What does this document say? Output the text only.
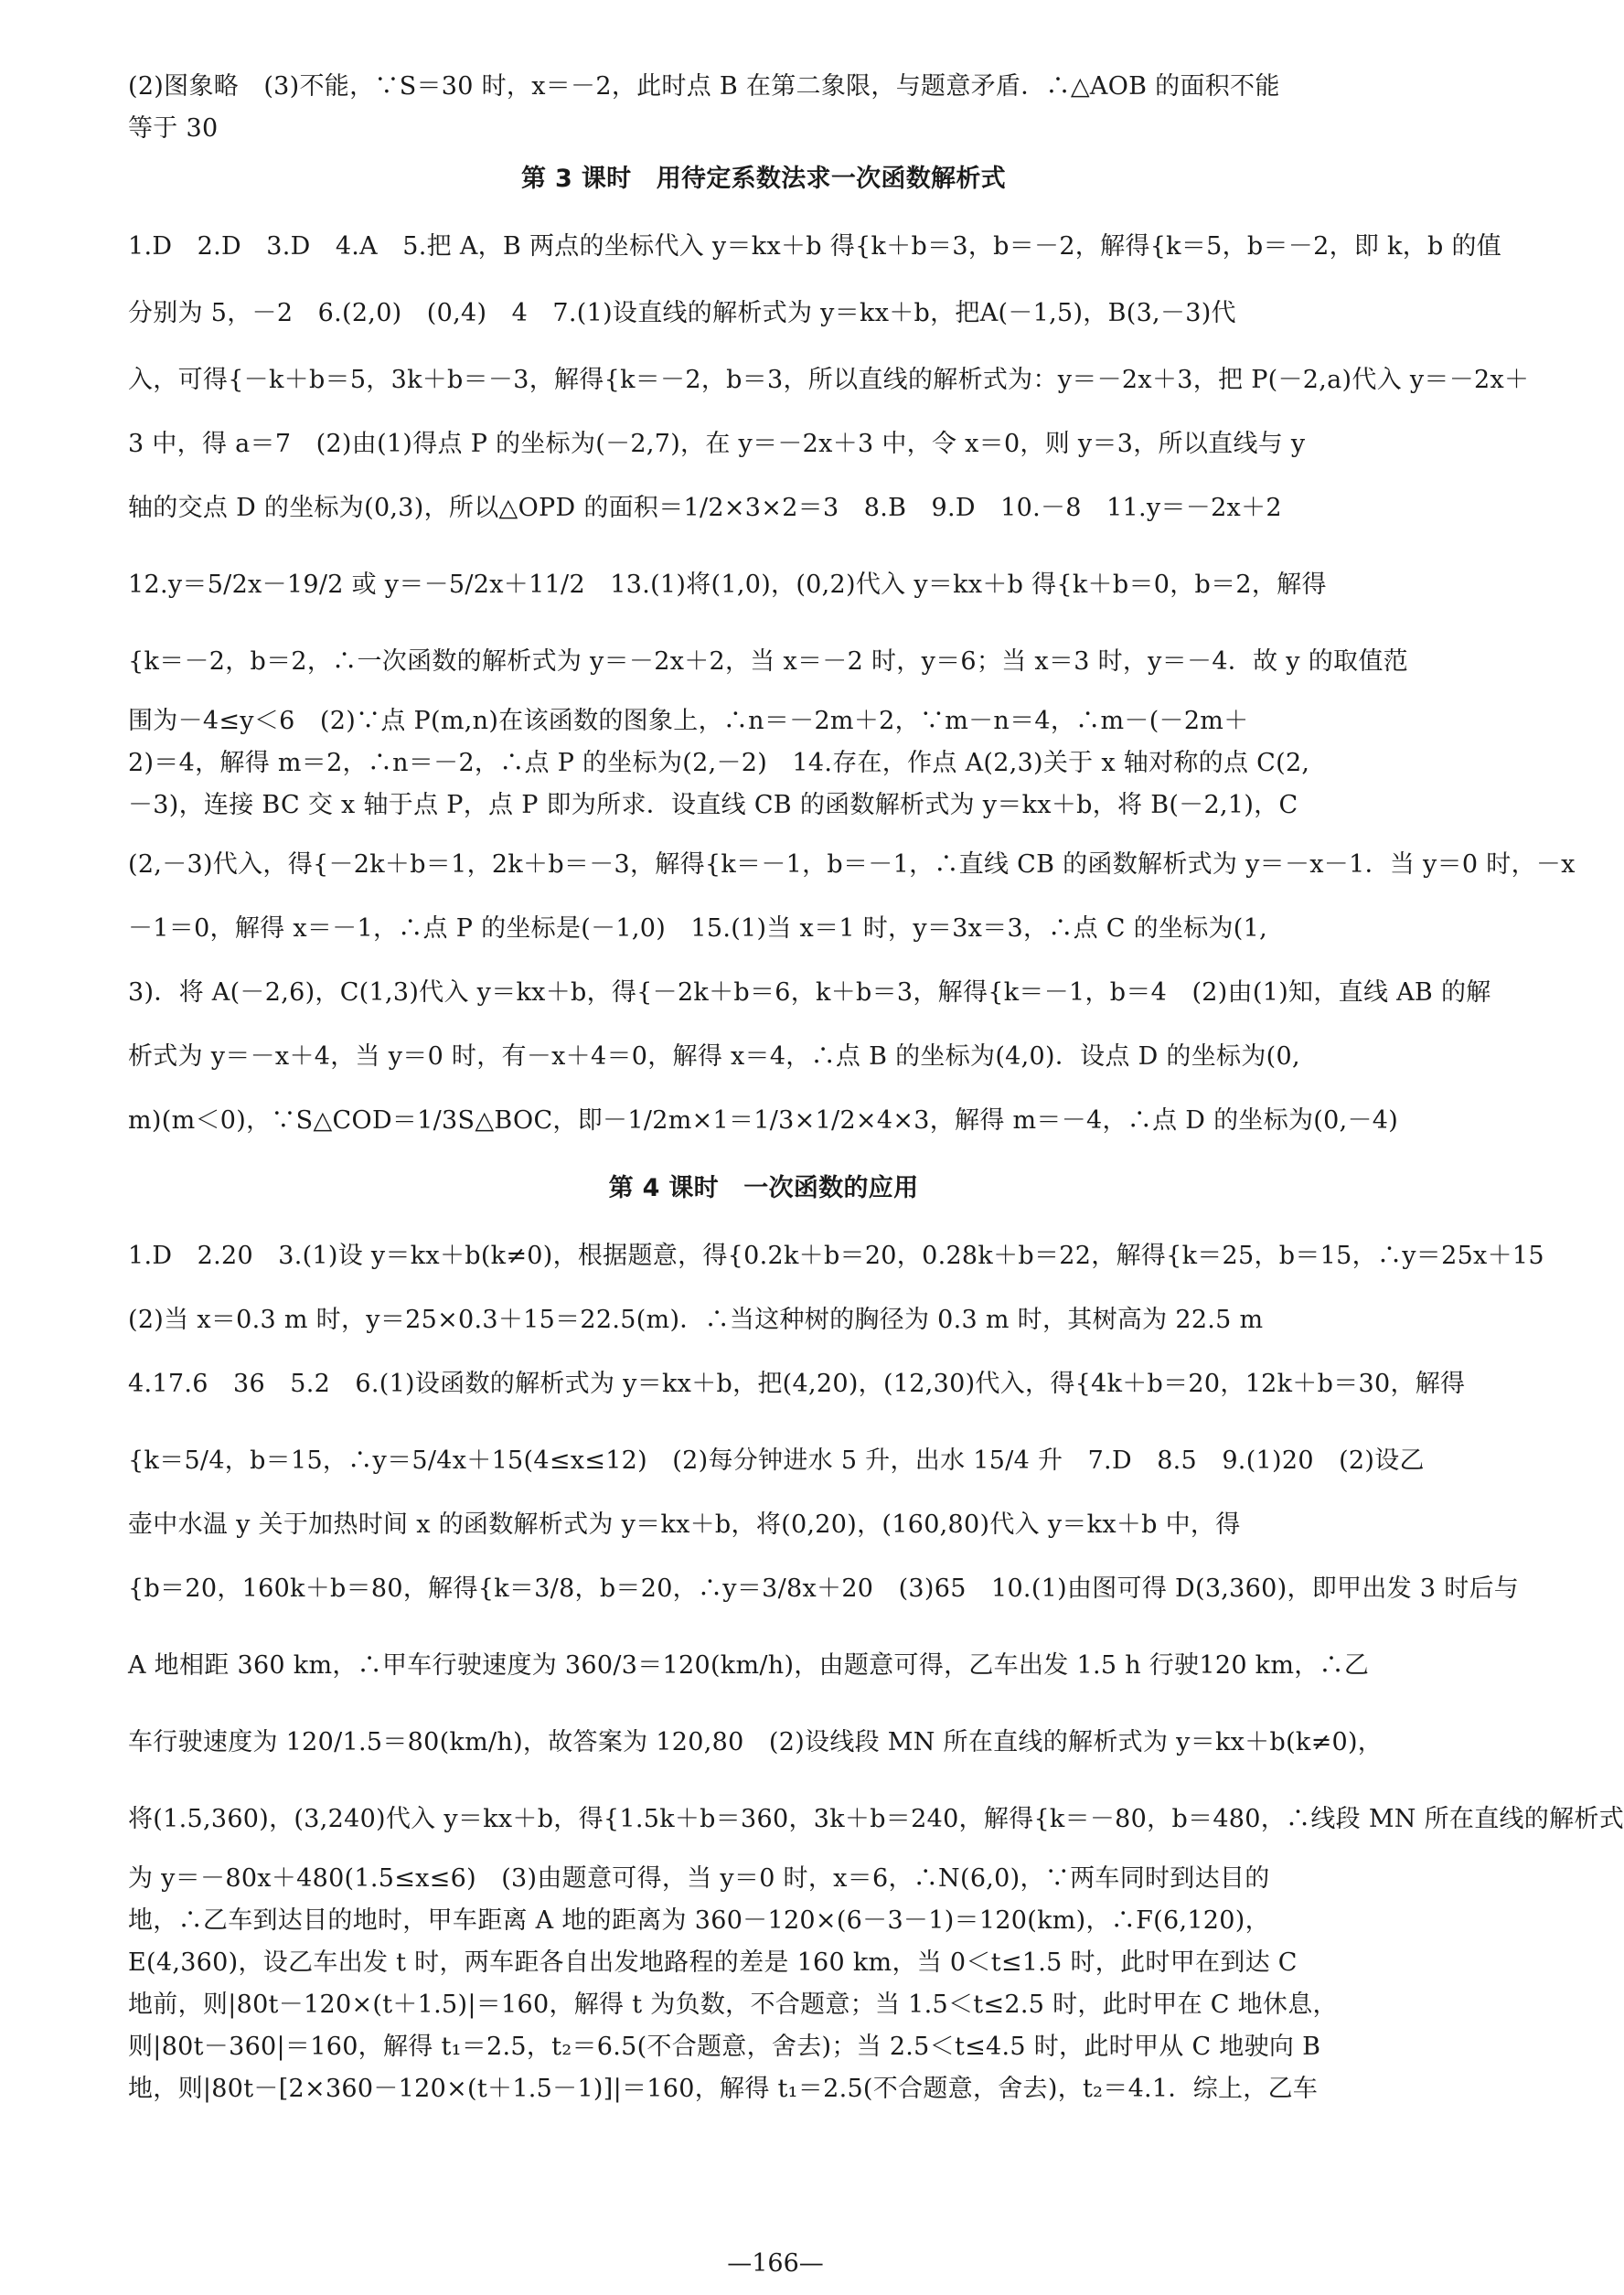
(2)图象略　(3)不能，∵S＝30 时，x＝－2，此时点 B 在第二象限，与题意矛盾．∴△AOB 的面积不能
等于 30
第 3 课时　用待定系数法求一次函数解析式
1.D　2.D　3.D　4.A　5.把 A，B 两点的坐标代入 y＝kx＋b 得{k＋b＝3，b＝－2，解得{k＝5，b＝－2，即 k，b 的值
分别为 5，－2　6.(2,0)　(0,4)　4　7.(1)设直线的解析式为 y＝kx＋b，把A(－1,5)，B(3,－3)代
入，可得{－k＋b＝5，3k＋b＝－3，解得{k＝－2，b＝3，所以直线的解析式为：y＝－2x＋3，把 P(－2,a)代入 y＝－2x＋
3 中，得 a＝7　(2)由(1)得点 P 的坐标为(－2,7)，在 y＝－2x＋3 中，令 x＝0，则 y＝3，所以直线与 y
轴的交点 D 的坐标为(0,3)，所以△OPD 的面积＝1/2×3×2＝3　8.B　9.D　10.－8　11.y＝－2x＋2
12.y＝5/2x－19/2 或 y＝－5/2x＋11/2　13.(1)将(1,0)，(0,2)代入 y＝kx＋b 得{k＋b＝0，b＝2，解得
{k＝－2，b＝2，∴一次函数的解析式为 y＝－2x＋2，当 x＝－2 时，y＝6；当 x＝3 时，y＝－4．故 y 的取值范
围为－4≤y＜6　(2)∵点 P(m,n)在该函数的图象上，∴n＝－2m＋2，∵m－n＝4，∴m－(－2m＋
2)＝4，解得 m＝2，∴n＝－2，∴点 P 的坐标为(2,－2)　14.存在，作点 A(2,3)关于 x 轴对称的点 C(2,
－3)，连接 BC 交 x 轴于点 P，点 P 即为所求．设直线 CB 的函数解析式为 y＝kx＋b，将 B(－2,1)，C
(2,－3)代入，得{－2k＋b＝1，2k＋b＝－3，解得{k＝－1，b＝－1，∴直线 CB 的函数解析式为 y＝－x－1．当 y＝0 时，－x
－1＝0，解得 x＝－1，∴点 P 的坐标是(－1,0)　15.(1)当 x＝1 时，y＝3x＝3，∴点 C 的坐标为(1,
3)．将 A(－2,6)，C(1,3)代入 y＝kx＋b，得{－2k＋b＝6，k＋b＝3，解得{k＝－1，b＝4　(2)由(1)知，直线 AB 的解
析式为 y＝－x＋4，当 y＝0 时，有－x＋4＝0，解得 x＝4，∴点 B 的坐标为(4,0)．设点 D 的坐标为(0,
m)(m＜0)，∵S△COD＝1/3S△BOC，即－1/2m×1＝1/3×1/2×4×3，解得 m＝－4，∴点 D 的坐标为(0,－4)
第 4 课时　一次函数的应用
1.D　2.20　3.(1)设 y＝kx＋b(k≠0)，根据题意，得{0.2k＋b＝20，0.28k＋b＝22，解得{k＝25，b＝15，∴y＝25x＋15
(2)当 x＝0.3 m 时，y＝25×0.3＋15＝22.5(m)．∴当这种树的胸径为 0.3 m 时，其树高为 22.5 m
4.17.6　36　5.2　6.(1)设函数的解析式为 y＝kx＋b，把(4,20)，(12,30)代入，得{4k＋b＝20，12k＋b＝30，解得
{k＝5/4，b＝15，∴y＝5/4x＋15(4≤x≤12)　(2)每分钟进水 5 升，出水 15/4 升　7.D　8.5　9.(1)20　(2)设乙
壶中水温 y 关于加热时间 x 的函数解析式为 y＝kx＋b，将(0,20)，(160,80)代入 y＝kx＋b 中，得
{b＝20，160k＋b＝80，解得{k＝3/8，b＝20，∴y＝3/8x＋20　(3)65　10.(1)由图可得 D(3,360)，即甲出发 3 时后与
A 地相距 360 km，∴甲车行驶速度为 360/3＝120(km/h)，由题意可得，乙车出发 1.5 h 行驶120 km，∴乙
车行驶速度为 120/1.5＝80(km/h)，故答案为 120,80　(2)设线段 MN 所在直线的解析式为 y＝kx＋b(k≠0)，
将(1.5,360)，(3,240)代入 y＝kx＋b，得{1.5k＋b＝360，3k＋b＝240，解得{k＝－80，b＝480，∴线段 MN 所在直线的解析式
为 y＝－80x＋480(1.5≤x≤6)　(3)由题意可得，当 y＝0 时，x＝6，∴N(6,0)，∵两车同时到达目的
地，∴乙车到达目的地时，甲车距离 A 地的距离为 360－120×(6－3－1)＝120(km)，∴F(6,120)，
E(4,360)，设乙车出发 t 时，两车距各自出发地路程的差是 160 km，当 0＜t≤1.5 时，此时甲在到达 C
地前，则|80t－120×(t＋1.5)|＝160，解得 t 为负数，不合题意；当 1.5＜t≤2.5 时，此时甲在 C 地休息，
则|80t－360|＝160，解得 t₁＝2.5，t₂＝6.5(不合题意，舍去)；当 2.5＜t≤4.5 时，此时甲从 C 地驶向 B
地，则|80t－[2×360－120×(t＋1.5－1)]|＝160，解得 t₁＝2.5(不合题意，舍去)，t₂＝4.1．综上，乙车
—166—
